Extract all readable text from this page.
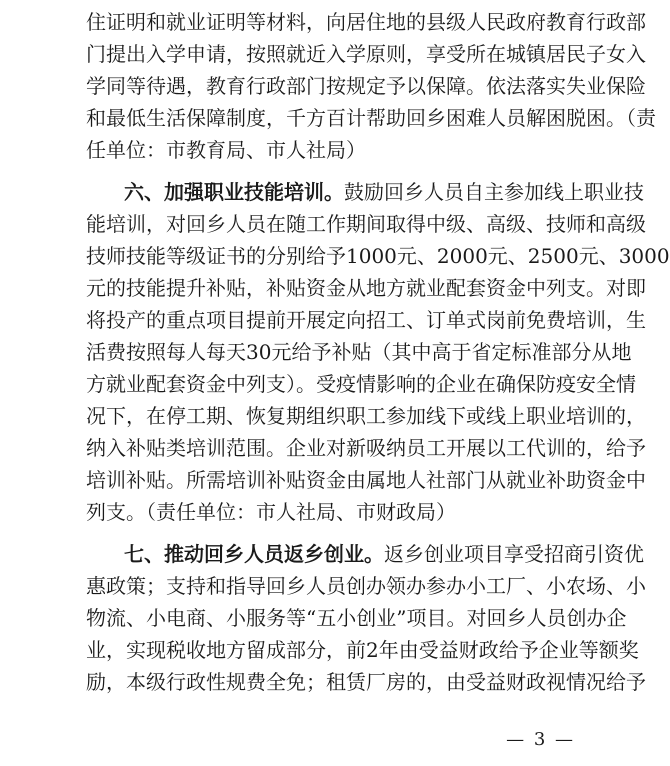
住证明和就业证明等材料，向居住地的县级人民政府教育行政部
门提出入学申请，按照就近入学原则，享受所在城镇居民子女入
学同等待遇，教育行政部门按规定予以保障。依法落实失业保险
和最低生活保障制度，千方百计帮助回乡困难人员解困脱困。（责
任单位：市教育局、市人社局）
六、加强职业技能培训。鼓励回乡人员自主参加线上职业技
能培训，对回乡人员在随工作期间取得中级、高级、技师和高级
技师技能等级证书的分别给予1000元、2000元、2500元、3000
元的技能提升补贴，补贴资金从地方就业配套资金中列支。对即
将投产的重点项目提前开展定向招工、订单式岗前免费培训，生
活费按照每人每天30元给予补贴（其中高于省定标准部分从地
方就业配套资金中列支）。受疫情影响的企业在确保防疫安全情
况下，在停工期、恢复期组织职工参加线下或线上职业培训的，
纳入补贴类培训范围。企业对新吸纳员工开展以工代训的，给予
培训补贴。所需培训补贴资金由属地人社部门从就业补助资金中
列支。（责任单位：市人社局、市财政局）
七、推动回乡人员返乡创业。返乡创业项目享受招商引资优
惠政策；支持和指导回乡人员创办领办参办小工厂、小农场、小
物流、小电商、小服务等“五小创业”项目。对回乡人员创办企
业，实现税收地方留成部分，前2年由受益财政给予企业等额奖
励，本级行政性规费全免；租赁厂房的，由受益财政视情况给予
— 3 —
